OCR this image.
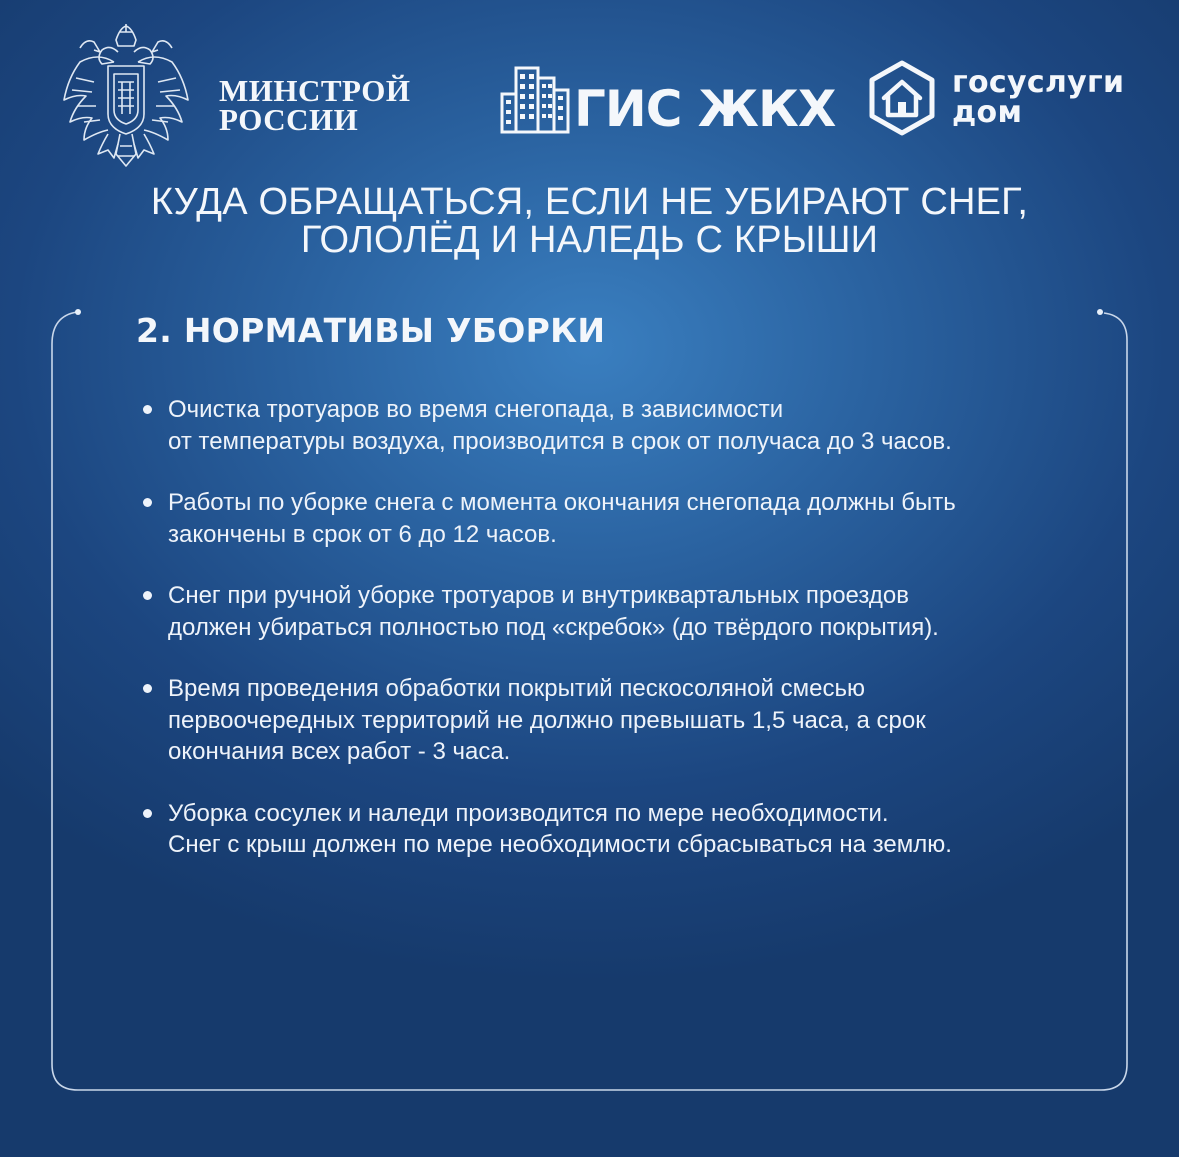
МИНСТРОЙ
РОССИИ	ГИС ЖКХ	госуслуги
дом
КУДА ОБРАЩАТЬСЯ, ЕСЛИ НЕ УБИРАЮТ СНЕГ,
ГОЛОЛЁД И НАЛЕДЬ С КРЫШИ
2. НОРМАТИВЫ УБОРКИ
Очистка тротуаров во время снегопада, в зависимости
от температуры воздуха, производится в срок от получаса до 3 часов.
Работы по уборке снега с момента окончания снегопада должны быть
закончены в срок от 6 до 12 часов.
Снег при ручной уборке тротуаров и внутриквартальных проездов
должен убираться полностью под «скребок» (до твёрдого покрытия).
Время проведения обработки покрытий пескосоляной смесью
первоочередных территорий не должно превышать 1,5 часа, а срок
окончания всех работ - 3 часа.
Уборка сосулек и наледи производится по мере необходимости.
Снег с крыш должен по мере необходимости сбрасываться на землю.
